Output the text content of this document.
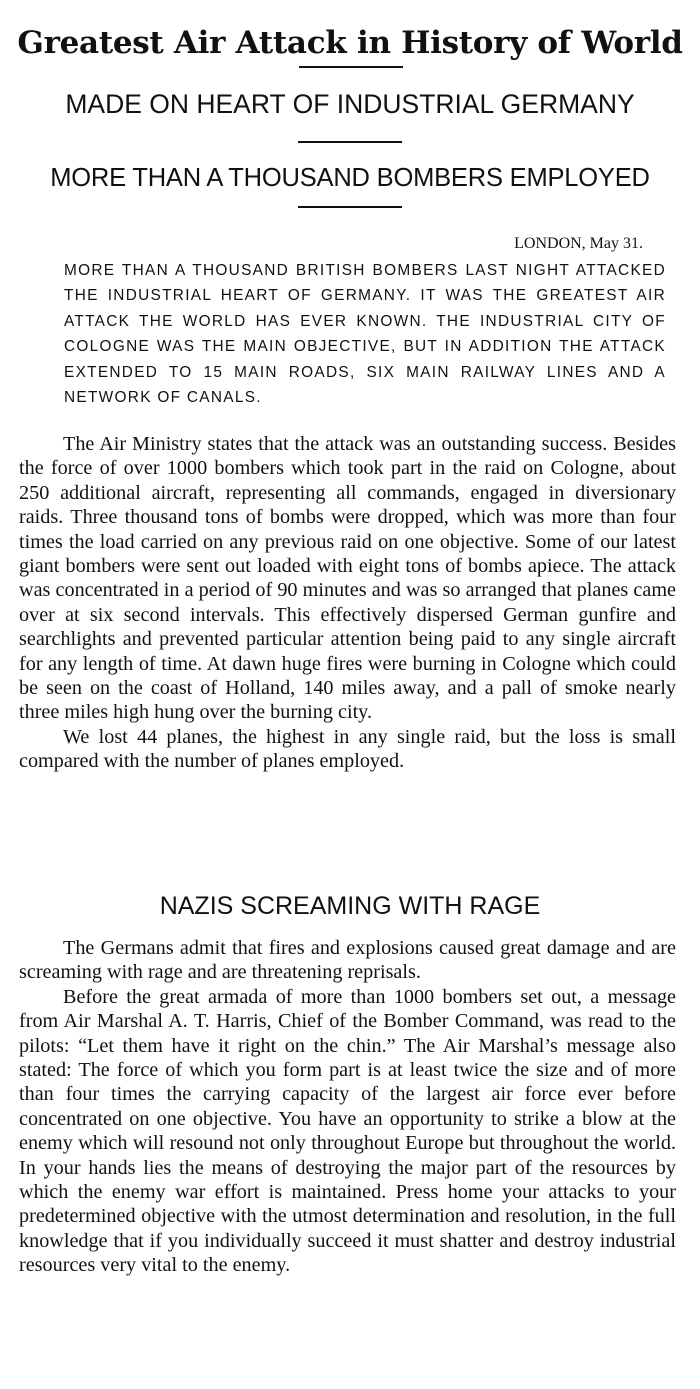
Greatest Air Attack in History of World
MADE ON HEART OF INDUSTRIAL GERMANY
MORE THAN A THOUSAND BOMBERS EMPLOYED
LONDON, May 31.
MORE THAN A THOUSAND BRITISH BOMBERS LAST NIGHT ATTACKED THE INDUSTRIAL HEART OF GERMANY. IT WAS THE GREATEST AIR ATTACK THE WORLD HAS EVER KNOWN. THE INDUSTRIAL CITY OF COLOGNE WAS THE MAIN OBJECTIVE, BUT IN ADDITION THE ATTACK EXTENDED TO 15 MAIN ROADS, SIX MAIN RAILWAY LINES AND A NETWORK OF CANALS.

The Air Ministry states that the attack was an outstanding success. Besides the force of over 1000 bombers which took part in the raid on Cologne, about 250 additional aircraft, representing all commands, engaged in diversionary raids. Three thousand tons of bombs were dropped, which was more than four times the load carried on any previous raid on one objective. Some of our latest giant bombers were sent out loaded with eight tons of bombs apiece. The attack was concentrated in a period of 90 minutes and was so arranged that planes came over at six second intervals. This effectively dispersed German gunfire and searchlights and prevented particular attention being paid to any single aircraft for any length of time. At dawn huge fires were burning in Cologne which could be seen on the coast of Holland, 140 miles away, and a pall of smoke nearly three miles high hung over the burning city.

We lost 44 planes, the highest in any single raid, but the loss is small compared with the number of planes employed.

NAZIS SCREAMING WITH RAGE

The Germans admit that fires and explosions caused great damage and are screaming with rage and are threatening reprisals.

Before the great armada of more than 1000 bombers set out, a message from Air Marshal A. T. Harris, Chief of the Bomber Command, was read to the pilots: “Let them have it right on the chin.” The Air Marshal’s message also stated: The force of which you form part is at least twice the size and of more than four times the carrying capacity of the largest air force ever before concentrated on one objective. You have an opportunity to strike a blow at the enemy which will resound not only throughout Europe but throughout the world. In your hands lies the means of destroying the major part of the resources by which the enemy war effort is maintained. Press home your attacks to your predetermined objective with the utmost determination and resolution, in the full knowledge that if you individually succeed it must shatter and destroy industrial resources very vital to the enemy.
